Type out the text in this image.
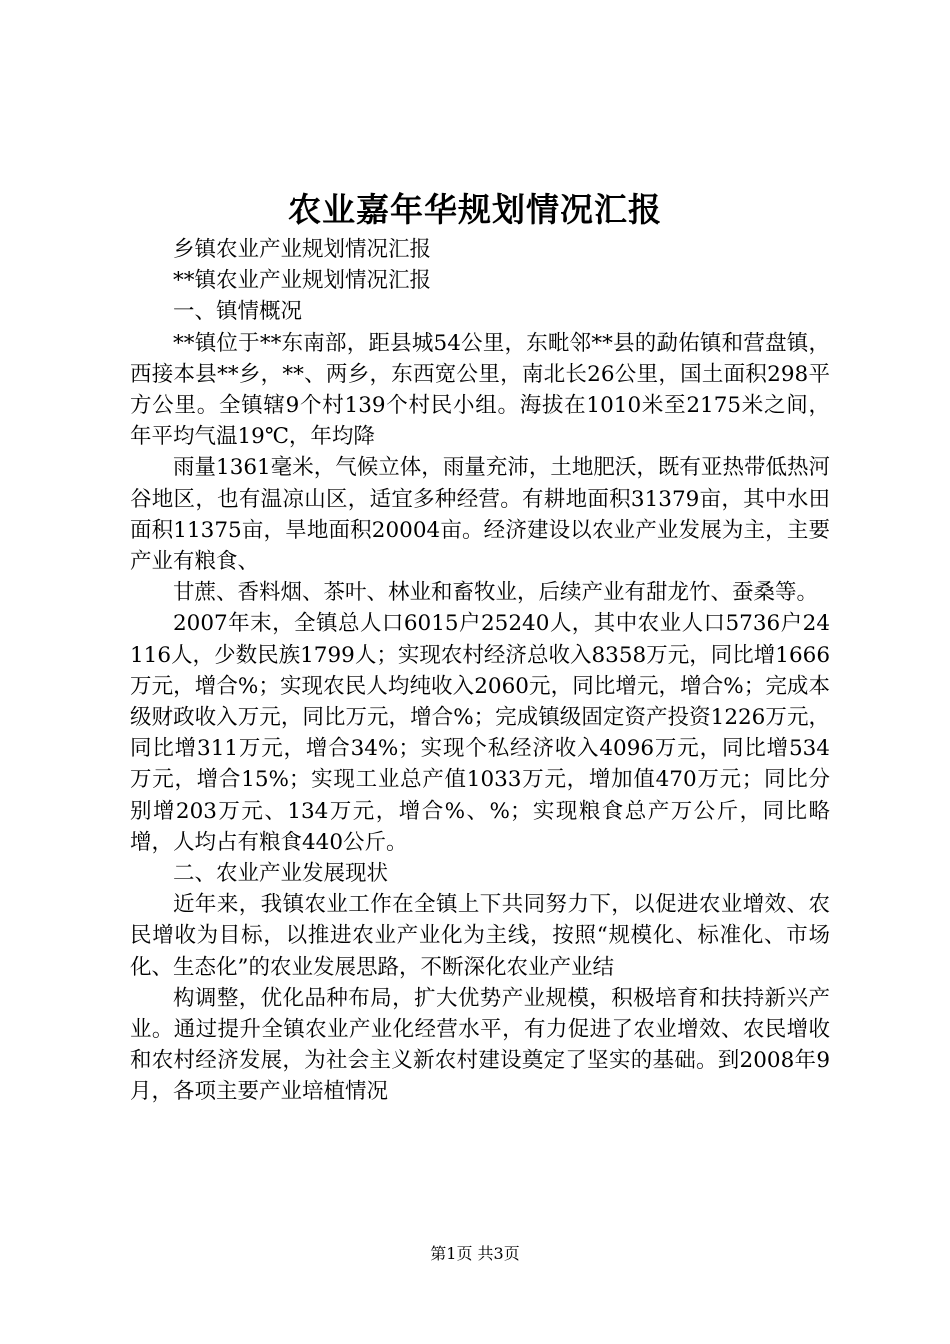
农业嘉年华规划情况汇报

乡镇农业产业规划情况汇报

**镇农业产业规划情况汇报

一、镇情概况

**镇位于**东南部，距县城54公里，东毗邻**县的勐佑镇和营盘镇，西接本县**乡，**、两乡，东西宽公里，南北长26公里，国土面积298平方公里。全镇辖9个村139个村民小组。海拔在1010米至2175米之间，年平均气温19℃，年均降

雨量1361毫米，气候立体，雨量充沛，土地肥沃，既有亚热带低热河谷地区，也有温凉山区，适宜多种经营。有耕地面积31379亩，其中水田面积11375亩，旱地面积20004亩。经济建设以农业产业发展为主，主要产业有粮食、

甘蔗、香料烟、茶叶、林业和畜牧业，后续产业有甜龙竹、蚕桑等。

2007年末，全镇总人口6015户25240人，其中农业人口5736户24116人，少数民族1799人；实现农村经济总收入8358万元，同比增1666万元，增合%；实现农民人均纯收入2060元，同比增元，增合%；完成本级财政收入万元，同比万元，增合%；完成镇级固定资产投资1226万元，同比增311万元，增合34%；实现个私经济收入4096万元，同比增534万元，增合15%；实现工业总产值1033万元，增加值470万元；同比分别增203万元、134万元，增合%、%；实现粮食总产万公斤，同比略增，人均占有粮食440公斤。

二、农业产业发展现状

近年来，我镇农业工作在全镇上下共同努力下，以促进农业增效、农民增收为目标，以推进农业产业化为主线，按照“规模化、标准化、市场化、生态化”的农业发展思路，不断深化农业产业结

构调整，优化品种布局，扩大优势产业规模，积极培育和扶持新兴产业。通过提升全镇农业产业化经营水平，有力促进了农业增效、农民增收和农村经济发展，为社会主义新农村建设奠定了坚实的基础。到2008年9月，各项主要产业培植情况

第1页 共3页
